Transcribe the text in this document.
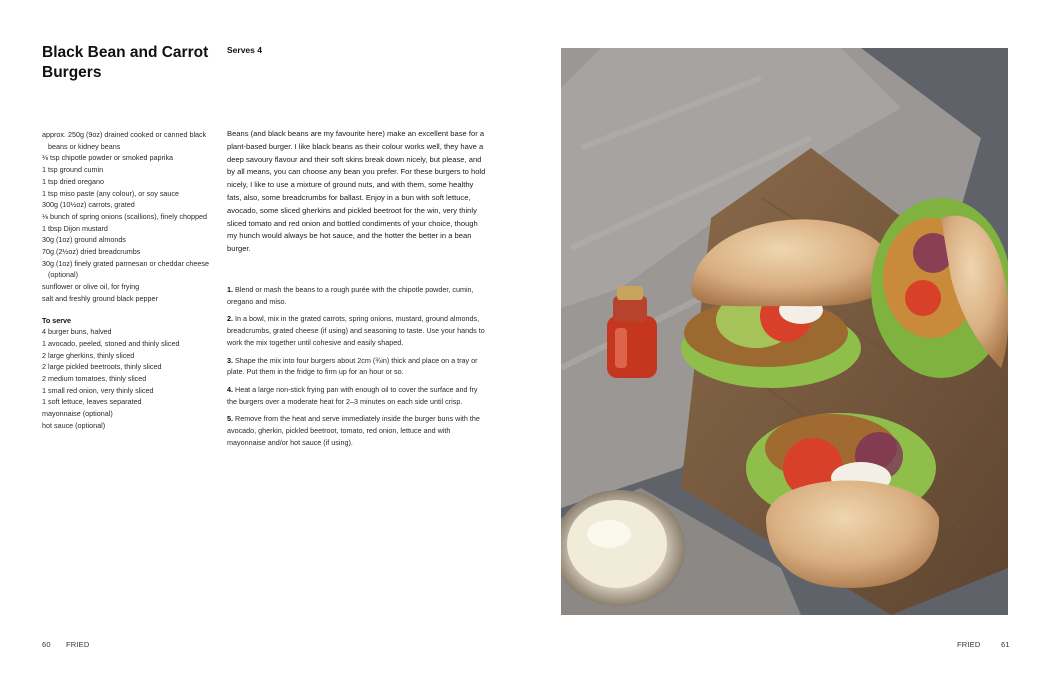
Black Bean and Carrot Burgers
Serves 4
approx. 250g (9oz) drained cooked or canned black beans or kidney beans
⅛ tsp chipotle powder or smoked paprika
1 tsp ground cumin
1 tsp dried oregano
1 tsp miso paste (any colour), or soy sauce
300g (10½oz) carrots, grated
⅛ bunch of spring onions (scallions), finely chopped
1 tbsp Dijon mustard
30g (1oz) ground almonds
70g (2½oz) dried breadcrumbs
30g (1oz) finely grated parmesan or cheddar cheese (optional)
sunflower or olive oil, for frying
salt and freshly ground black pepper
To serve
4 burger buns, halved
1 avocado, peeled, stoned and thinly sliced
2 large gherkins, thinly sliced
2 large pickled beetroots, thinly sliced
2 medium tomatoes, thinly sliced
1 small red onion, very thinly sliced
1 soft lettuce, leaves separated
mayonnaise (optional)
hot sauce (optional)
Beans (and black beans are my favourite here) make an excellent base for a plant-based burger. I like black beans as their colour works well, they have a deep savoury flavour and their soft skins break down nicely, but please, and by all means, you can choose any bean you prefer. For these burgers to hold nicely, I like to use a mixture of ground nuts, and with them, some healthy fats, also, some breadcrumbs for ballast. Enjoy in a bun with soft lettuce, avocado, some sliced gherkins and pickled beetroot for the win, very thinly sliced tomato and red onion and bottled condiments of your choice, though my hunch would always be hot sauce, and the hotter the better in a bean burger.
1. Blend or mash the beans to a rough purée with the chipotle powder, cumin, oregano and miso.
2. In a bowl, mix in the grated carrots, spring onions, mustard, ground almonds, breadcrumbs, grated cheese (if using) and seasoning to taste. Use your hands to work the mix together until cohesive and easily shaped.
3. Shape the mix into four burgers about 2cm (¾in) thick and place on a tray or plate. Put them in the fridge to firm up for an hour or so.
4. Heat a large non-stick frying pan with enough oil to cover the surface and fry the burgers over a moderate heat for 2–3 minutes on each side until crisp.
5. Remove from the heat and serve immediately inside the burger buns with the avocado, gherkin, pickled beetroot, tomato, red onion, lettuce and with mayonnaise and/or hot sauce (if using).
60 FRIED	FRIED	61
